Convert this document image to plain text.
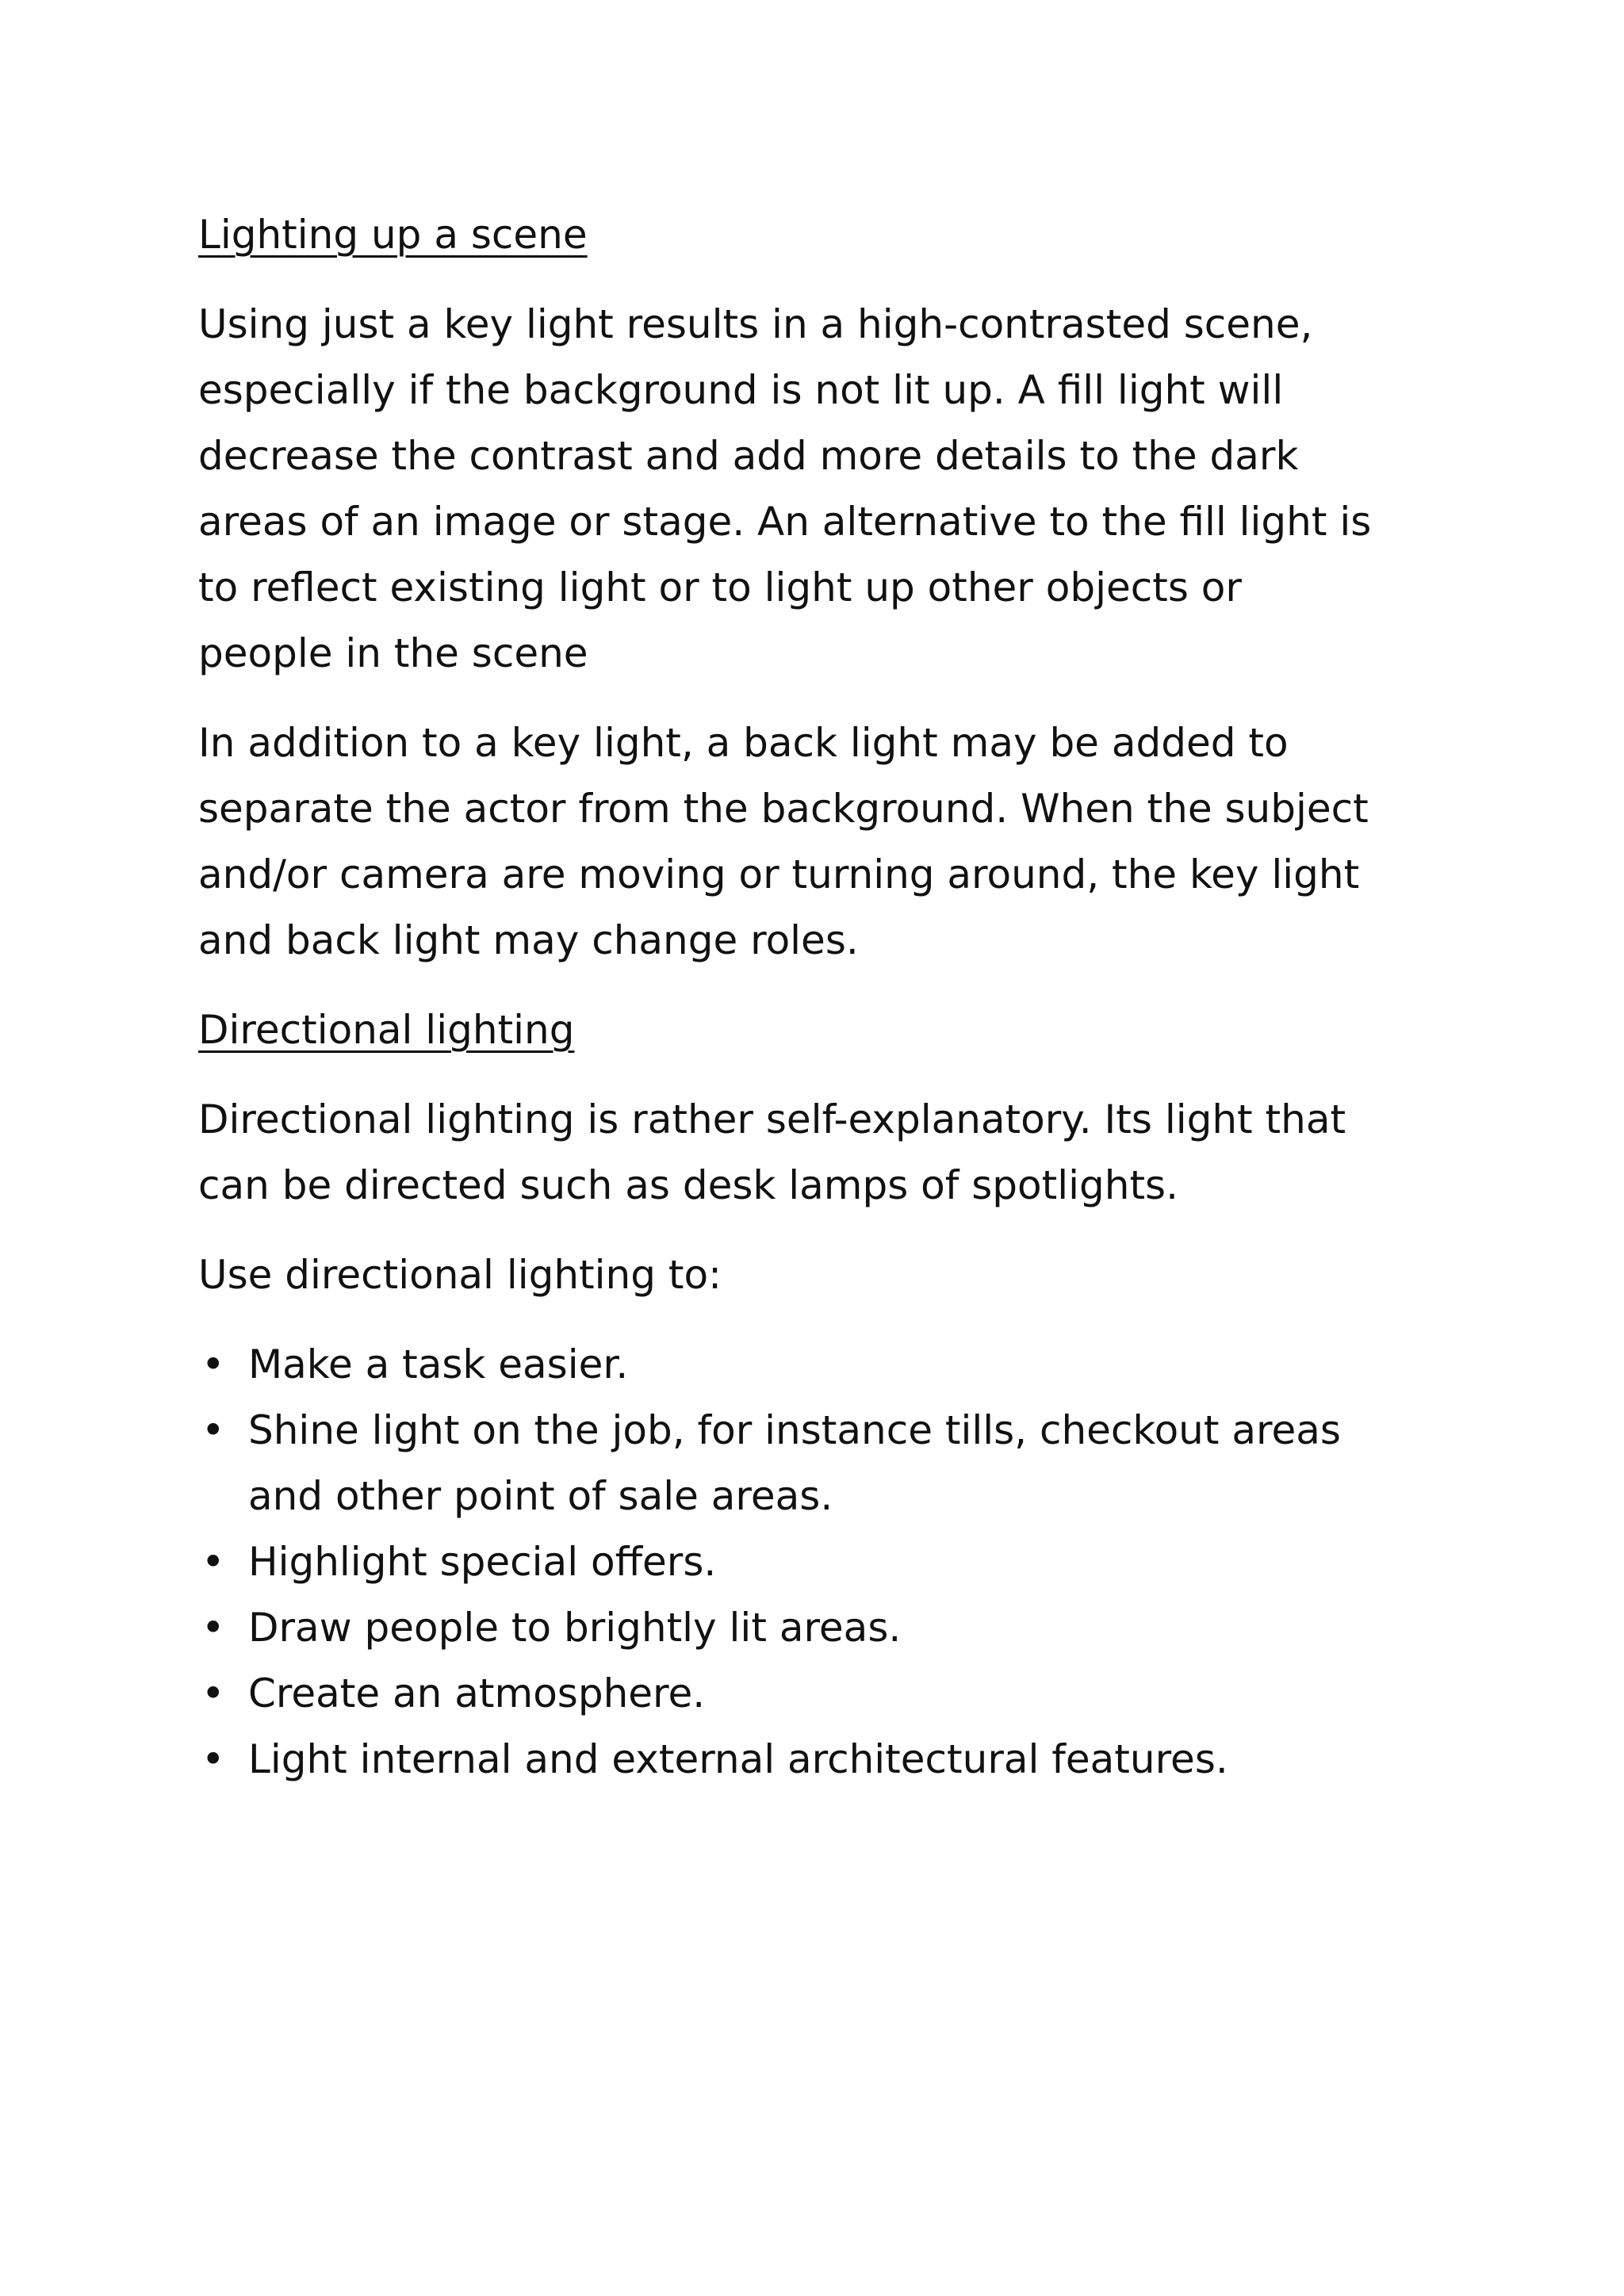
Lighting up a scene
Using just a key light results in a high-contrasted scene,
especially if the background is not lit up. A fill light will
decrease the contrast and add more details to the dark
areas of an image or stage. An alternative to the fill light is
to reflect existing light or to light up other objects or
people in the scene
In addition to a key light, a back light may be added to
separate the actor from the background. When the subject
and/or camera are moving or turning around, the key light
and back light may change roles.
Directional lighting
Directional lighting is rather self-explanatory. Its light that
can be directed such as desk lamps of spotlights.
Use directional lighting to:
• Make a task easier.
• Shine light on the job, for instance tills, checkout areas
and other point of sale areas.
• Highlight special offers.
• Draw people to brightly lit areas.
• Create an atmosphere.
• Light internal and external architectural features.
